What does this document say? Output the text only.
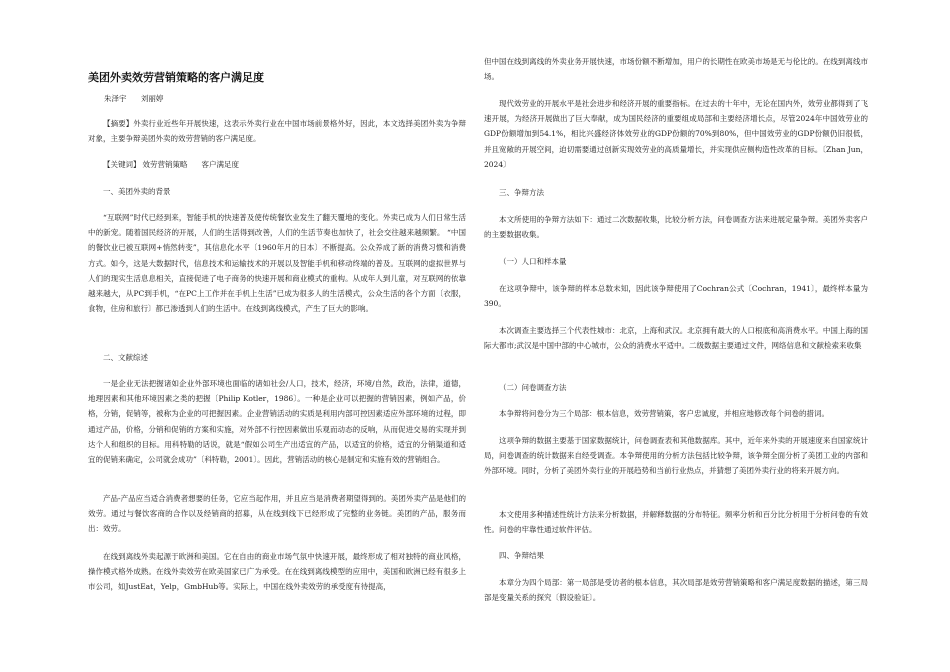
美团外卖效劳营销策略的客户满足度
朱泽宇 刘丽婷

【摘要】外卖行业近些年开展快速，这表示外卖行业在中国市场前景格外好，因此，本文选择美团外卖为争辩对象，主要争辩美团外卖的效劳营销的客户满足度。

【关键词】 效劳营销策略 客户满足度

一、美团外卖的背景

“互联网”时代已经到来，智能手机的快速普及使传统餐饮业发生了翻天覆地的变化。外卖已成为人们日常生活中的新宠。随着国民经济的开展，人们的生活得到改善，人们的生活节奏也加快了，社会交往越来越频繁。 “中国的餐饮业已被互联网+悄然转变”，其信息化水平〔1960年月的日本〕不断提高。公众养成了新的消费习惯和消费方式。如今，这是大数据时代，信息技术和运输技术的开展以及智能手机和移动终端的普及。互联网的虚拟世界与人们的现实生活息息相关，直接促进了电子商务的快速开展和商业模式的重构。从成年人到儿童，对互联网的依靠越来越大，从PC到手机，“在PC上工作并在手机上生活”已成为很多人的生活模式，公众生活的各个方面〔衣服，食物，住房和旅行〕都已渗透到人们的生活中。在线到离线模式，产生了巨大的影响。

二、文献综述

一是企业无法把握诸如企业外部环境也面临的诸如社会/人口，技术，经济，环境/自然，政治，法律，道德，地理因素和其他环境因素之类的把握〔Philip Kotler，1986〕。一种是企业可以把握的营销因素，例如产品，价格，分销，促销等，被称为企业的可把握因素。企业营销活动的实质是利用内部可控因素适应外部环境的过程，即通过产品，价格，分销和促销的方案和实施，对外部不行控因素做出乐观而动态的反响，从而促进交易的实现并到达个人和组织的目标。用科特勒的话说，就是“假如公司生产出适宜的产品，以适宜的价格，适宜的分销渠道和适宜的促销来确定，公司就会成功”〔科特勒，2001〕。因此，营销活动的核心是制定和实施有效的营销组合。

产品-产品应当适合消费者想要的任务，它应当起作用，并且应当是消费者期望得到的。美团外卖产品是他们的效劳。通过与餐饮客商的合作以及经销商的招募，从在线到线下已经形成了完整的业务链。美团的产品，服务而出：效劳。

在线到离线外卖起源于欧洲和美国。它在自由的商业市场气氛中快速开展，最终形成了相对独特的商业风格，操作模式格外成熟。在线外卖效劳在欧美国家已广为承受。在在线到离线模型的应用中，美国和欧洲已经有很多上市公司，如JustEat，Yelp，GmbHub等。实际上，中国在线外卖效劳的承受度有待提高，

但中国在线到离线的外卖业务开展快速，市场份额不断增加，用户的长期性在欧美市场是无与伦比的。在线到离线市场。

现代效劳业的开展水平是社会进步和经济开展的重要指标。在过去的十年中，无论在国内外，效劳业都得到了飞速开展，为经济开展做出了巨大奉献，成为国民经济的重要组成局部和主要经济增长点，尽管2024年中国效劳业的GDP份额增加到54.1%，相比兴盛经济体效劳业的GDP份额的70%到80%，但中国效劳业的GDP份额仍旧很低，并且宽敞的开展空间，迫切需要通过创新实现效劳业的高质量增长，并实现供应侧构造性改革的目标。〔Zhan Jun，2024〕

三、争辩方法

本文所使用的争辩方法如下：通过二次数据收集，比较分析方法，问卷调查方法来进展定量争辩。美团外卖客户的主要数据收集。

（一）人口和样本量

在这项争辩中，该争辩的样本总数未知，因此该争辩使用了Cochran公式〔Cochran，1941〕，最终样本量为390。

本次调查主要选择三个代表性城市：北京，上海和武汉。北京拥有最大的人口根底和高消费水平。中国上海的国际大都市;武汉是中国中部的中心城市，公众的消费水平适中。二级数据主要通过文件，网络信息和文献检索来收集

（二）问卷调查方法

本争辩将问卷分为三个局部：根本信息，效劳营销策，客户忠诚度，并相应地修改每个问卷的措词。

这项争辩的数据主要基于国家数据统计，问卷调查表和其他数据库。其中，近年来外卖的开展速度来自国家统计局，问卷调查的统计数据来自经受调查。本争辩使用的分析方法包括比较争辩，该争辩全面分析了美团工业的内部和外部环境。同时，分析了美团外卖行业的开展趋势和当前行业热点，并猜想了美团外卖行业的将来开展方向。

本文使用多种描述性统计方法来分析数据，并解释数据的分布特征。频率分析和百分比分析用于分析问卷的有效性。问卷的牢靠性通过软件评估。

四、争辩结果

本章分为四个局部：第一局部是受访者的根本信息，其次局部是效劳营销策略和客户满足度数据的描述，第三局部是变量关系的探究〔假设验证〕。
